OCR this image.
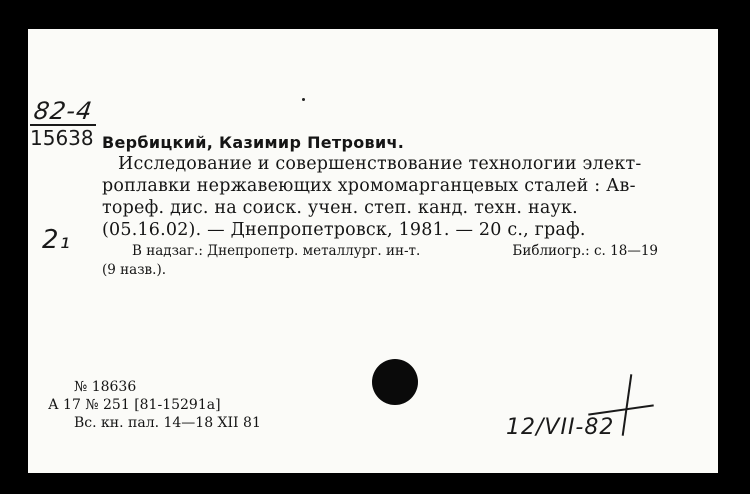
82-4
15638
2₁
Вербицкий, Казимир Петрович.
Исследование и совершенствование технологии элект-
роплавки нержавеющих хромомарганцевых сталей : Ав-
тореф. дис. на соиск. учен. степ. канд. техн. наук.
(05.16.02). — Днепропетровск, 1981. — 20 с., граф.
В надзаг.: Днепропетр. металлург. ин-т.	Библиогр.: с. 18—19
(9 назв.).
№ 18636
А 17 № 251 [81-15291а]
Вс. кн. пал. 14—18 XII 81	12/VII-82
